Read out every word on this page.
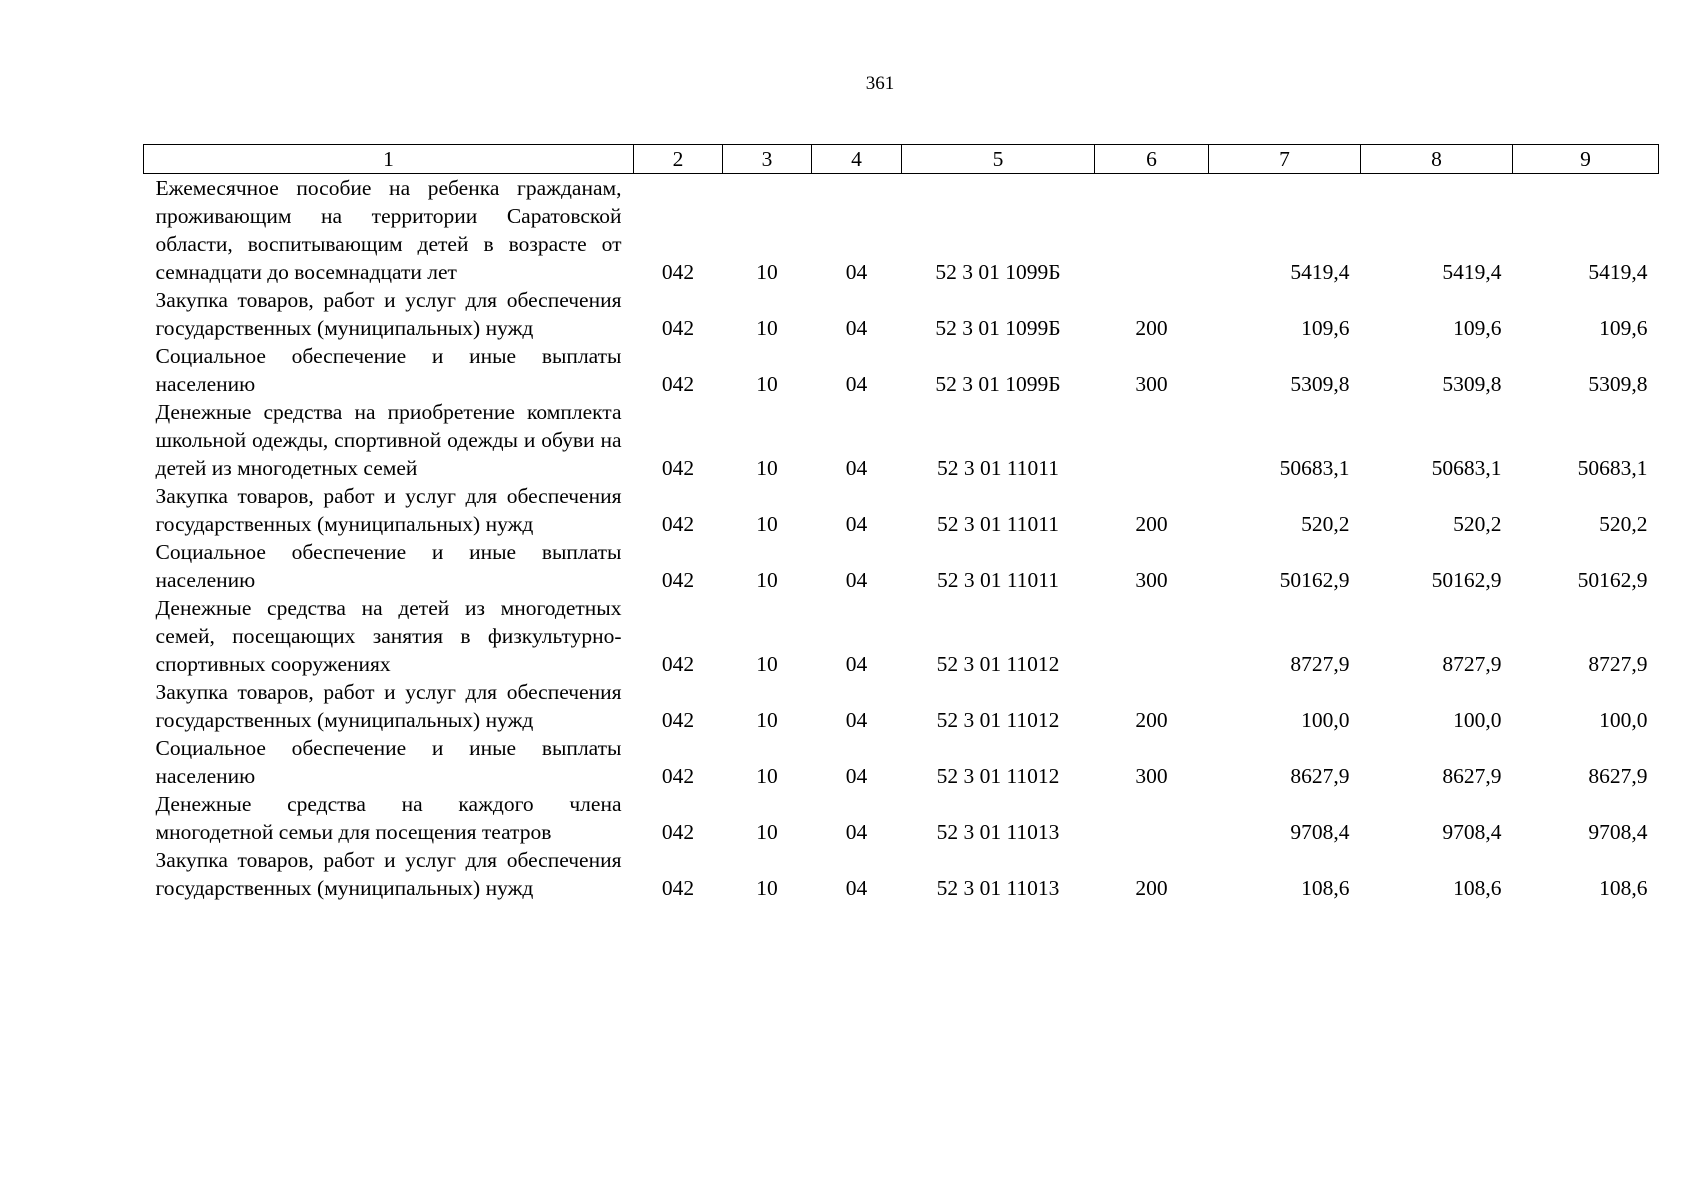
361
1	2	3	4	5	6	7	8	9
Ежемесячное пособие на ребенка гражданам, проживающим на территории Саратовской области, воспитывающим детей в возрасте от семнадцати до восемнадцати лет	042	10	04	52 3 01 1099Б		5419,4	5419,4	5419,4
Закупка товаров, работ и услуг для обеспечения государственных (муниципальных) нужд	042	10	04	52 3 01 1099Б	200	109,6	109,6	109,6
Социальное обеспечение и иные выплаты населению	042	10	04	52 3 01 1099Б	300	5309,8	5309,8	5309,8
Денежные средства на приобретение комплекта школьной одежды, спортивной одежды и обуви на детей из многодетных семей	042	10	04	52 3 01 11011		50683,1	50683,1	50683,1
Закупка товаров, работ и услуг для обеспечения государственных (муниципальных) нужд	042	10	04	52 3 01 11011	200	520,2	520,2	520,2
Социальное обеспечение и иные выплаты населению	042	10	04	52 3 01 11011	300	50162,9	50162,9	50162,9
Денежные средства на детей из многодетных семей, посещающих занятия в физкультурно-спортивных сооружениях	042	10	04	52 3 01 11012		8727,9	8727,9	8727,9
Закупка товаров, работ и услуг для обеспечения государственных (муниципальных) нужд	042	10	04	52 3 01 11012	200	100,0	100,0	100,0
Социальное обеспечение и иные выплаты населению	042	10	04	52 3 01 11012	300	8627,9	8627,9	8627,9
Денежные средства на каждого члена многодетной семьи для посещения театров	042	10	04	52 3 01 11013		9708,4	9708,4	9708,4
Закупка товаров, работ и услуг для обеспечения государственных (муниципальных) нужд	042	10	04	52 3 01 11013	200	108,6	108,6	108,6
